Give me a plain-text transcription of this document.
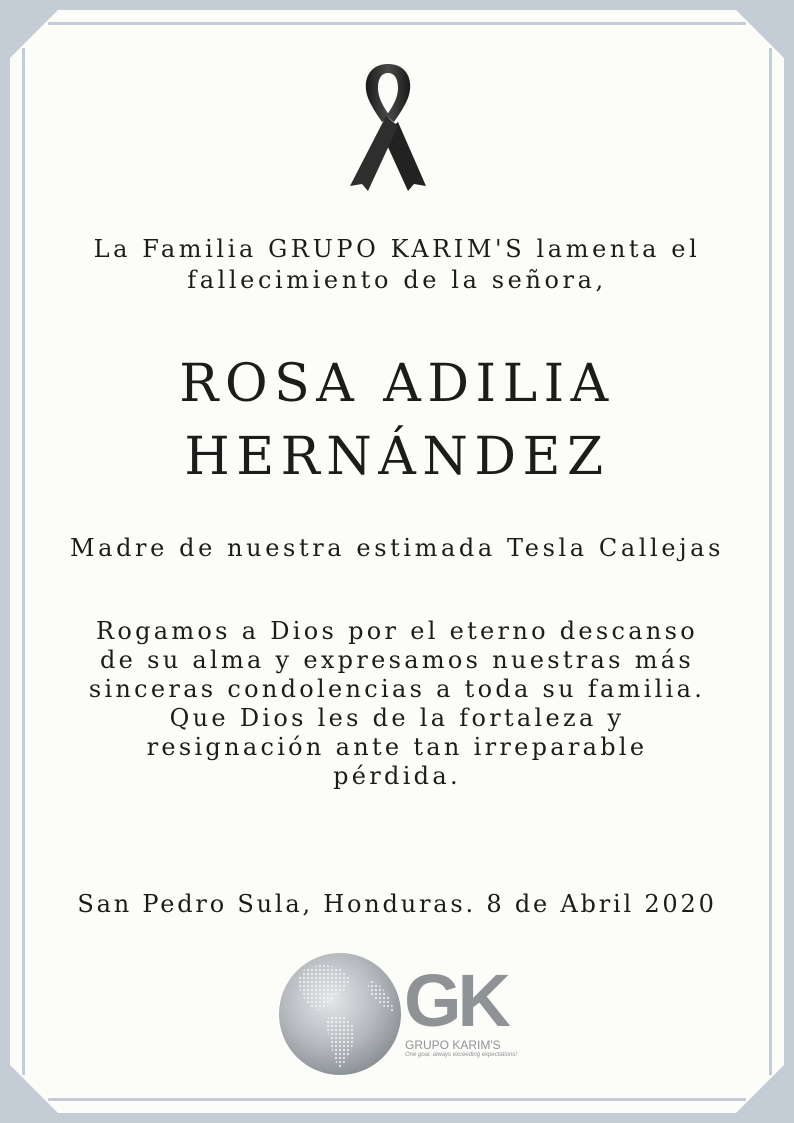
La Familia GRUPO KARIM'S lamenta el
fallecimiento de la señora,
ROSA ADILIA
HERNÁNDEZ
Madre de nuestra estimada Tesla Callejas
Rogamos a Dios por el eterno descanso
de su alma y expresamos nuestras más
sinceras condolencias a toda su familia.
Que Dios les de la fortaleza y
resignación ante tan irreparable
pérdida.
San Pedro Sula, Honduras. 8 de Abril 2020
GK
GRUPO KARIM'S
One goal, always exceeding expectations!
